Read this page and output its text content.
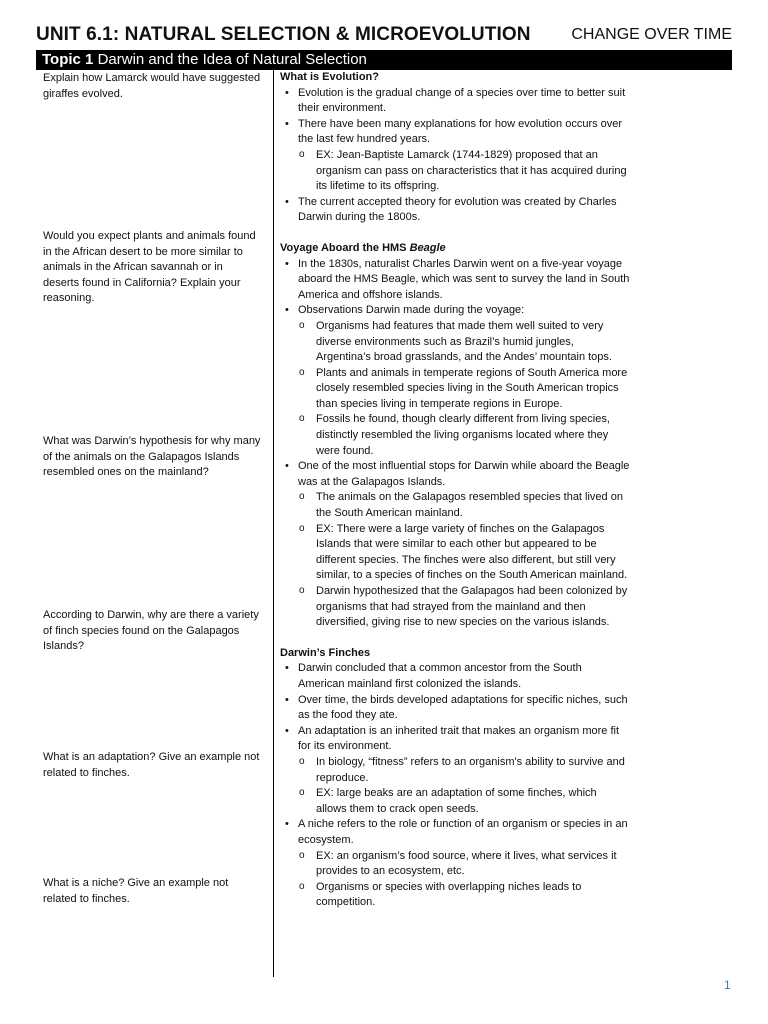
UNIT 6.1: NATURAL SELECTION & MICROEVOLUTION	CHANGE OVER TIME
Topic 1 Darwin and the Idea of Natural Selection
Explain how Lamarck would have suggested giraffes evolved.
Would you expect plants and animals found in the African desert to be more similar to animals in the African savannah or in deserts found in California? Explain your reasoning.
What was Darwin’s hypothesis for why many of the animals on the Galapagos Islands resembled ones on the mainland?
According to Darwin, why are there a variety of finch species found on the Galapagos Islands?
What is an adaptation? Give an example not related to finches.
What is a niche? Give an example not related to finches.
What is Evolution?
• Evolution is the gradual change of a species over time to better suit their environment.
• There have been many explanations for how evolution occurs over the last few hundred years.
o EX: Jean-Baptiste Lamarck (1744-1829) proposed that an organism can pass on characteristics that it has acquired during its lifetime to its offspring.
• The current accepted theory for evolution was created by Charles Darwin during the 1800s.
Voyage Aboard the HMS Beagle
• In the 1830s, naturalist Charles Darwin went on a five-year voyage aboard the HMS Beagle, which was sent to survey the land in South America and offshore islands.
• Observations Darwin made during the voyage:
o Organisms had features that made them well suited to very diverse environments such as Brazil’s humid jungles, Argentina’s broad grasslands, and the Andes’ mountain tops.
o Plants and animals in temperate regions of South America more closely resembled species living in the South American tropics than species living in temperate regions in Europe.
o Fossils he found, though clearly different from living species, distinctly resembled the living organisms located where they were found.
• One of the most influential stops for Darwin while aboard the Beagle was at the Galapagos Islands.
o The animals on the Galapagos resembled species that lived on the South American mainland.
o EX: There were a large variety of finches on the Galapagos Islands that were similar to each other but appeared to be different species. The finches were also different, but still very similar, to a species of finches on the South American mainland.
o Darwin hypothesized that the Galapagos had been colonized by organisms that had strayed from the mainland and then diversified, giving rise to new species on the various islands.
Darwin’s Finches
• Darwin concluded that a common ancestor from the South American mainland first colonized the islands.
• Over time, the birds developed adaptations for specific niches, such as the food they ate.
• An adaptation is an inherited trait that makes an organism more fit for its environment.
o In biology, “fitness” refers to an organism's ability to survive and reproduce.
o EX: large beaks are an adaptation of some finches, which allows them to crack open seeds.
• A niche refers to the role or function of an organism or species in an ecosystem.
o EX: an organism’s food source, where it lives, what services it provides to an ecosystem, etc.
o Organisms or species with overlapping niches leads to competition.
1
